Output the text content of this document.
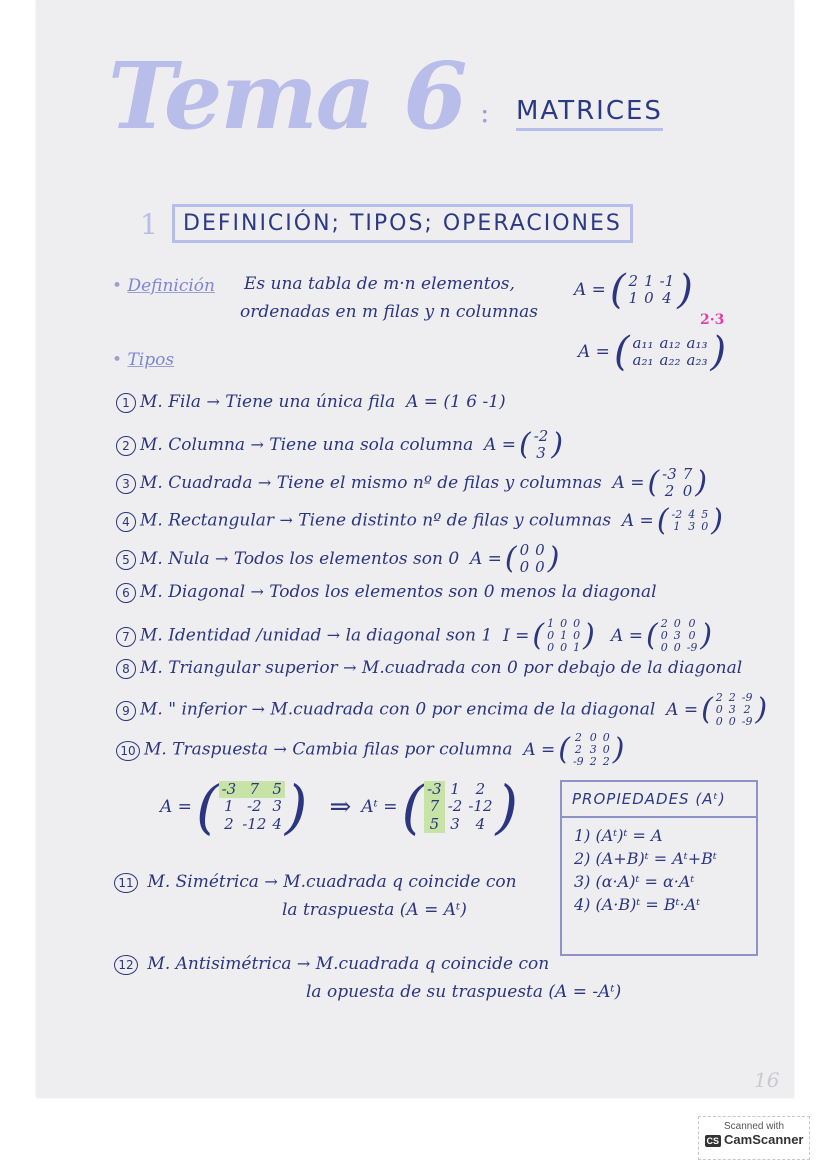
Tema 6 : MATRICES
1	DEFINICIÓN; TIPOS; OPERACIONES
• Definición Es una tabla de m·n elementos,
ordenadas en m filas y n columnas
A = ( 2 1 -1
1 0 4 )
2·3
A = ( a₁₁ a₁₂ a₁₃
a₂₁ a₂₂ a₂₃ )
• Tipos
1 M. Fila → Tiene una única fila A = (1 6 -1)
2 M. Columna → Tiene una sola columna A = ( -2
3 )
3 M. Cuadrada → Tiene el mismo nº de filas y columnas A = ( -3 7
2 0 )
4 M. Rectangular → Tiene distinto nº de filas y columnas A = ( -2 4 5
1 3 0 )
5 M. Nula → Todos los elementos son 0 A = ( 0 0
0 0 )
6 M. Diagonal → Todos los elementos son 0 menos la diagonal
7 M. Identidad /unidad → la diagonal son 1 I = ( 1 0 0
0 1 0
0 0 1 )
A = ( 2 0 0
0 3 0
0 0 -9 )
8 M. Triangular superior → M.cuadrada con 0 por debajo de la diagonal
9 M. " inferior → M.cuadrada con 0 por encima de la diagonal A = ( 2 2 -9
0 3 2
0 0 -9 )
10 M. Traspuesta → Cambia filas por columna A = ( 2 0 0
2 3 0
-9 2 2 )
A = ( -3 7 5
1 -2 3
2 -12 4 ) ⇒ Aᵗ = ( -3 1	2
7 -2 -12
5 3	4 )	PROPIEDADES (Aᵗ)
1) (Aᵗ)ᵗ = A
2) (A+B)ᵗ = Aᵗ+Bᵗ
3) (α·A)ᵗ = α·Aᵗ
4) (A·B)ᵗ = Bᵗ·Aᵗ
11 M. Simétrica → M.cuadrada q coincide con
la traspuesta (A = Aᵗ)
12 M. Antisimétrica → M.cuadrada q coincide con
la opuesta de su traspuesta (A = -Aᵗ)
16
Scanned with
CS CamScanner
